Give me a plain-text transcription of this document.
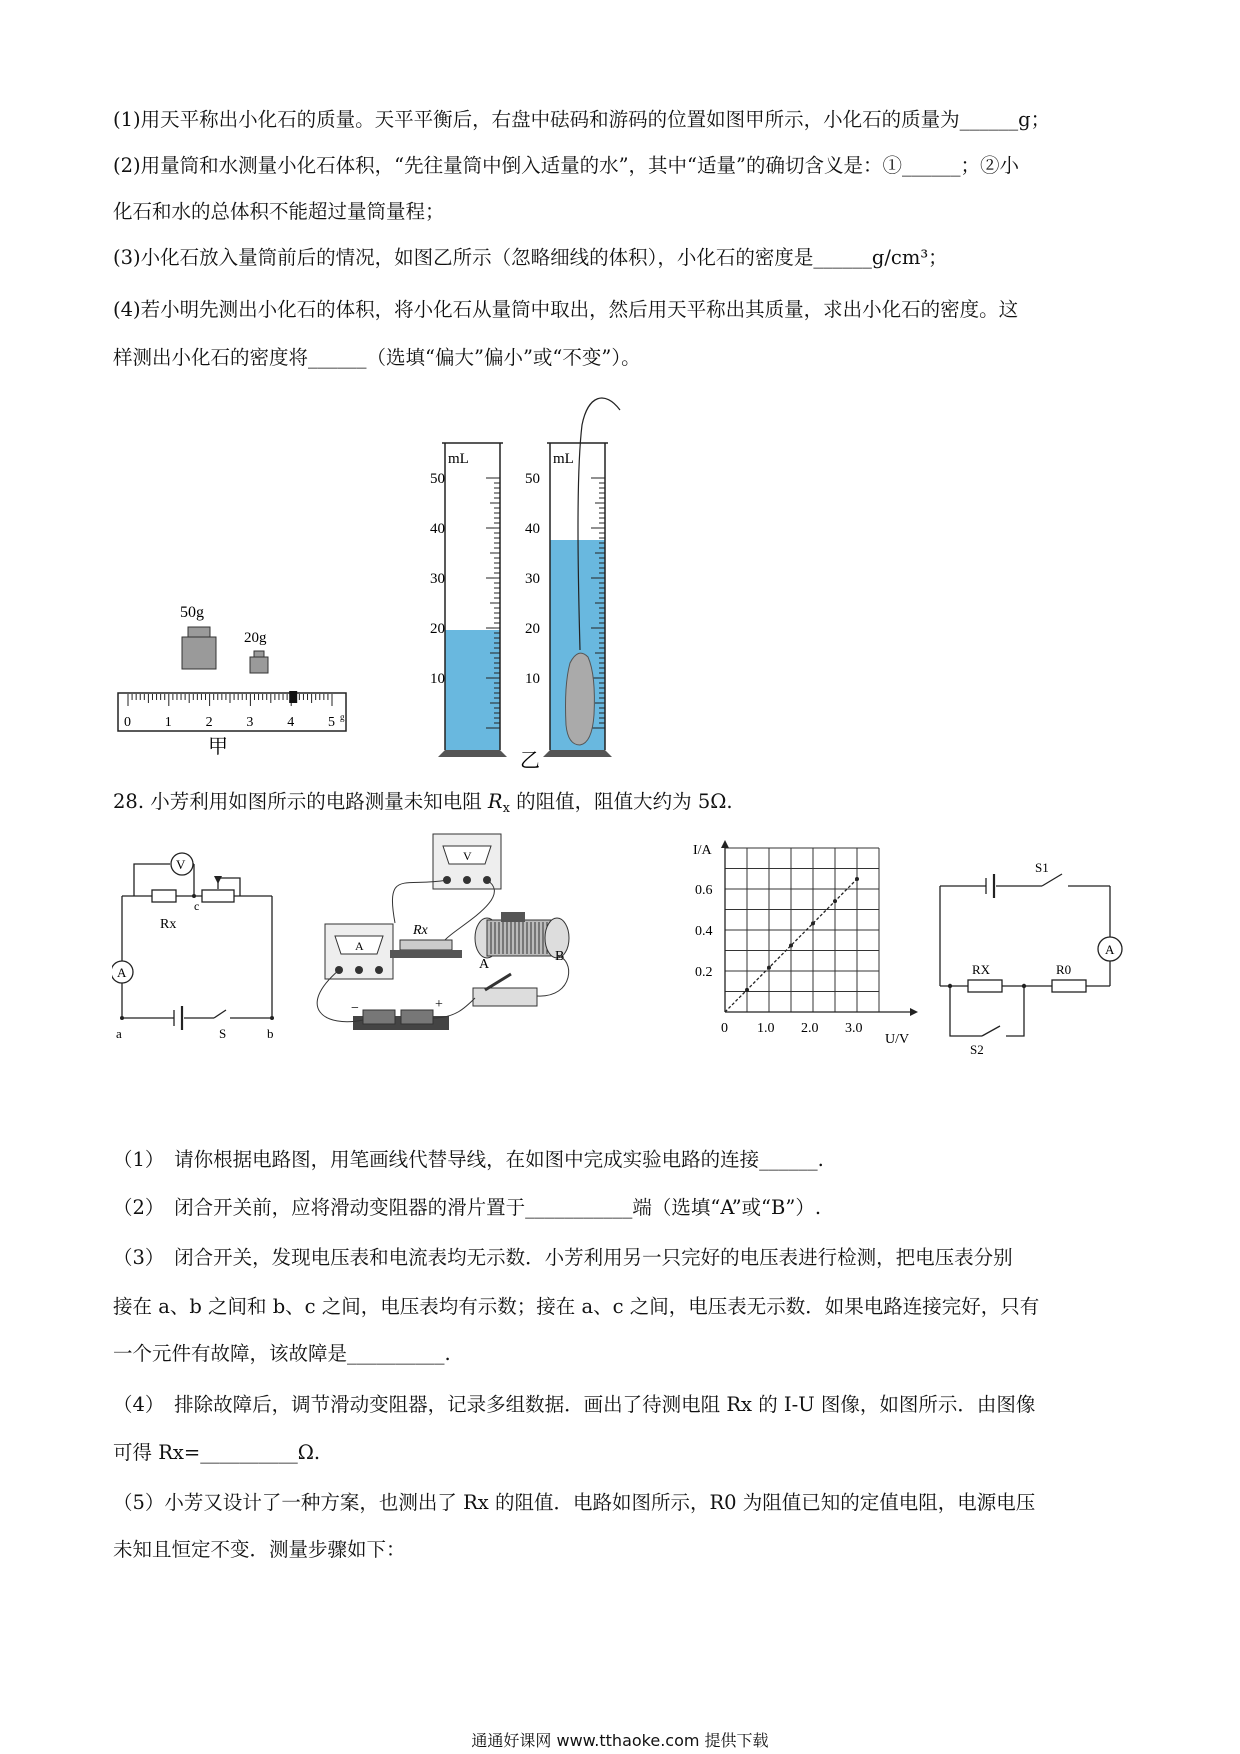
(1)用天平称出小化石的质量。天平平衡后，右盘中砝码和游码的位置如图甲所示，小化石的质量为______g；
(2)用量筒和水测量小化石体积，“先往量筒中倒入适量的水”，其中“适量”的确切含义是：①______；②小
化石和水的总体积不能超过量筒量程；
(3)小化石放入量筒前后的情况，如图乙所示（忽略细线的体积），小化石的密度是______g/cm³；
(4)若小明先测出小化石的体积，将小化石从量筒中取出，然后用天平称出其质量，求出小化石的密度。这
样测出小化石的密度将______（选填“偏大”偏小”或“不变”）。
50g
20g
0 1 2 3 4 5 g
甲
mL
50
40
30
20
10
mL
50
40
30
20
10
乙
28. 小芳利用如图所示的电路测量未知电阻 $R_x$ 的阻值，阻值大约为 5Ω.
V
A
Rx
c
a	b
S
V
A
Rx
A
B
−	+
I/A
U/V
0.6
0.4
0.2
0 1.0 2.0 3.0
A
S1
S2
RX	R0
（1）　请你根据电路图，用笔画线代替导线，在如图中完成实验电路的连接______.
（2）　闭合开关前，应将滑动变阻器的滑片置于___________端（选填“A”或“B”）.
（3）　闭合开关，发现电压表和电流表均无示数．小芳利用另一只完好的电压表进行检测，把电压表分别
接在 a、b 之间和 b、c 之间，电压表均有示数；接在 a、c 之间，电压表无示数．如果电路连接完好，只有
一个元件有故障，该故障是__________.
（4）　排除故障后，调节滑动变阻器，记录多组数据．画出了待测电阻 Rx 的 I-U 图像，如图所示．由图像
可得 Rx=__________Ω.
（5）小芳又设计了一种方案，也测出了 Rx 的阻值．电路如图所示，R0 为阻值已知的定值电阻，电源电压
未知且恒定不变．测量步骤如下：
通通好课网 www.tthaoke.com 提供下载
